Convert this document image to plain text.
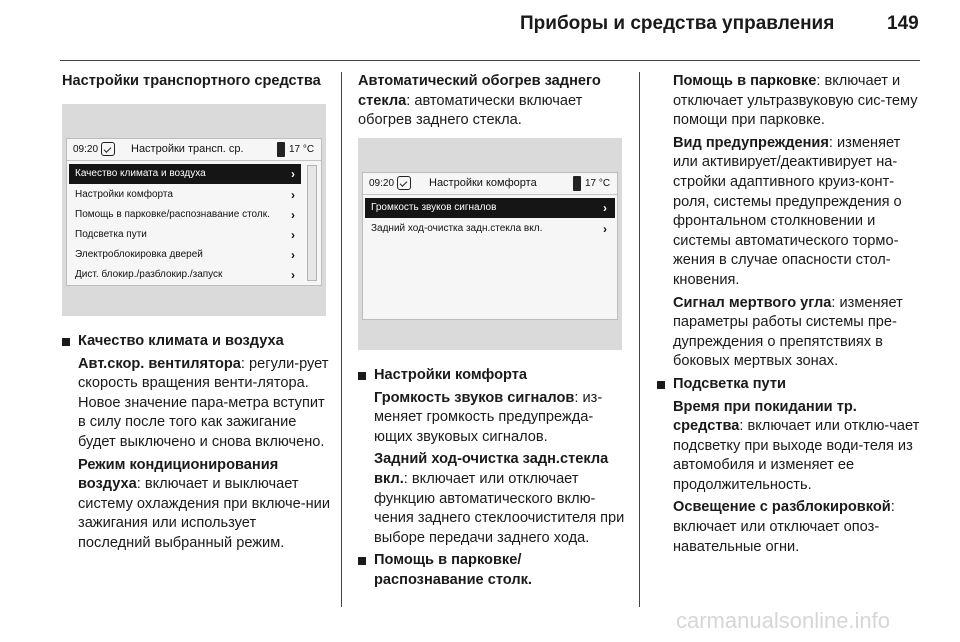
Приборы и средства управления	149

Настройки транспортного средства

09:20	Настройки трансп. ср.	17 °C
Качество климата и воздуха	›
Настройки комфорта	›
Помощь в парковке/распознавание столк. ›
Подсветка пути	›
Электроблокировка дверей	›
Дист. блокир./разблокир./запуск	›

Качество климата и воздуха

Авт.скор. вентилятора: регули-рует скорость вращения венти-лятора. Новое значение пара-метра вступит в силу после того как зажигание будет выключено и снова включено.

Режим кондиционирования воздуха: включает и выключает систему охлаждения при включе-нии зажигания или использует последний выбранный режим.

Автоматический обогрев заднего стекла: автоматически включает обогрев заднего стекла.

09:20	Настройки комфорта	17 °C
Громкость звуков сигналов	›
Задний ход-очистка задн.стекла вкл.	›

Настройки комфорта

Громкость звуков сигналов: из-меняет громкость предупрежда-ющих звуковых сигналов.

Задний ход-очистка задн.стекла вкл.: включает или отключает функцию автоматического вклю-чения заднего стеклоочистителя при выборе передачи заднего хода.

Помощь в парковке/ распознавание столк.

Помощь в парковке: включает и отключает ультразвуковую сис-тему помощи при парковке.

Вид предупреждения: изменяет или активирует/деактивирует на-стройки адаптивного круиз-конт-роля, системы предупреждения о фронтальном столкновении и системы автоматического тормо-жения в случае опасности стол-кновения.

Сигнал мертвого угла: изменяет параметры работы системы пре-дупреждения о препятствиях в боковых мертвых зонах.

Подсветка пути

Время при покидании тр. средства: включает или отклю-чает подсветку при выходе води-теля из автомобиля и изменяет ее продолжительность.

Освещение с разблокировкой: включает или отключает опоз-навательные огни.

carmanualsonline.info
